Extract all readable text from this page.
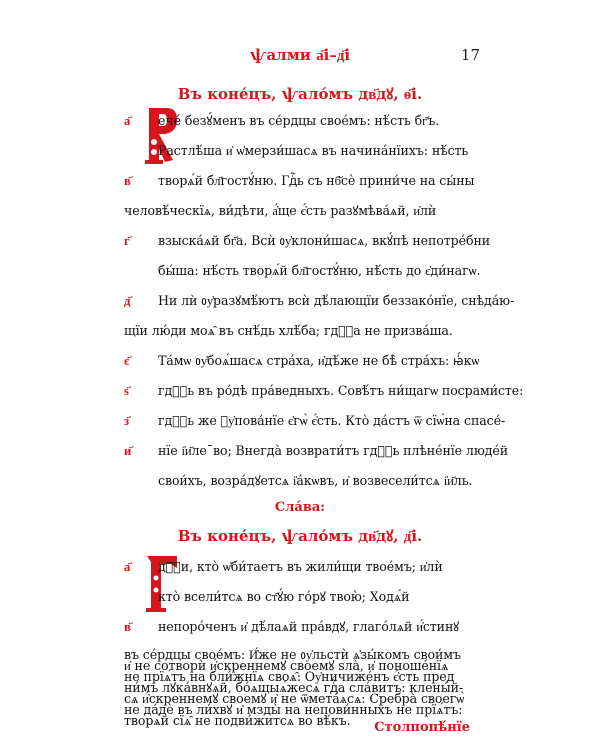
ѱалми а҃і–д҃і	17
Въ коне́цъ, ѱало́мъ дв҃дꙋ, ѳ҃і.
а҃	ече́ безꙋ́менъ въ се́рдцы свое́мъ: нѣ́сть бг҃ъ.
Растлѣ́ша и҆ ѡ҆мерзи́шасѧ въ начина́нїихъ: нѣ́сть
в҃	творѧ́й бл҃гостꙋ́ню. Гдⷭ҇ь съ нб҃сѐ прини́че на сы́ны
человѣ́ческїѧ, ви́дѣти, а҆́ще є҆́сть разꙋмѣва́ѧй, и҆лѝ
г҃	взыска́ѧй бг҃а. Всѝ ᲂу҆клони́шасѧ, вкꙋ́пѣ непотре́бни
бы́ша: нѣ́сть творѧ́й бл҃гостꙋ́ню, нѣ́сть до є҆ди́нагѡ.
д҃	Ни лѝ ᲂу҆разꙋмѣ́ютъ всѝ дѣ́лающїи беззако́нїе, снѣда́ю-
щїи лю́ди моѧ̑ въ снѣ́дь хлѣ́ба; гдⷭ҇а не призва́ша.
є҃	Та́мѡ ᲂу҆боѧ́шасѧ стра́ха, и҆дѣ́же не бѣ̀ стра́хъ: ꙗ҆́кѡ
ѕ҃	гдⷭ҇ь въ ро́дѣ пра́ведныхъ. Совѣ́тъ ни́щагѡ посрами́сте:
з҃	гдⷭ҇ь же ᲂу҆пова́нїе є҆гѡ̀ є҆́сть. Кто̀ да́стъ ѿ сїѡ́на спасе́-
и҃	нїе і҆и҃леˉво; Внегда̀ возврати́тъ гдⷭ҇ь плѣне́нїе люде́й
свои́хъ, возра́дꙋетсѧ і҆а́кѡвъ, и҆ возвесели́тсѧ і҆и҃ль.
Сла́ва:
Въ коне́цъ, ѱало́мъ дв҃дꙋ, д҃і.
а҃	дⷭ҇и, кто̀ ѡ҆би́таетъ въ жили́щи твое́мъ; и҆лѝ
кто̀ всели́тсѧ во ст҃ꙋ́ю го́рꙋ твою̀; Ходѧ́й
в҃	непоро́ченъ и҆ дѣ́лаѧй пра́вдꙋ, глаго́лѧй и҆́стинꙋ
въ се́рдцы свое́мъ: И҆́же не ᲂу҆льстѝ ѧ҆зы́комъ свои́мъ
и҆ не сотворѝ и҆́скреннемꙋ своемꙋ̀ ѕла̀, и҆ поноше́нїѧ
не прїѧ́тъ на бли́жнїѧ своѧ̑: Оу҆ничиже́нъ є҆́сть пред
ни́мъ лꙋка́внꙋѧй, бо́ѧщыѧ́жесѧ гдⷭ҇а сла́витъ: клены́й-
сѧ и҆́скреннемꙋ своемꙋ̀ и҆ не ѿмета́ѧсѧ: Сребра̀ своегѡ̀
не да́дѐ въ ли́хвꙋ и҆ мзды̀ на непови́нныхъ не прїѧ́тъ:
творѧ́й сїѧ̑ не подви́житсѧ во вѣ́къ.	Столпопѣ́нїе
